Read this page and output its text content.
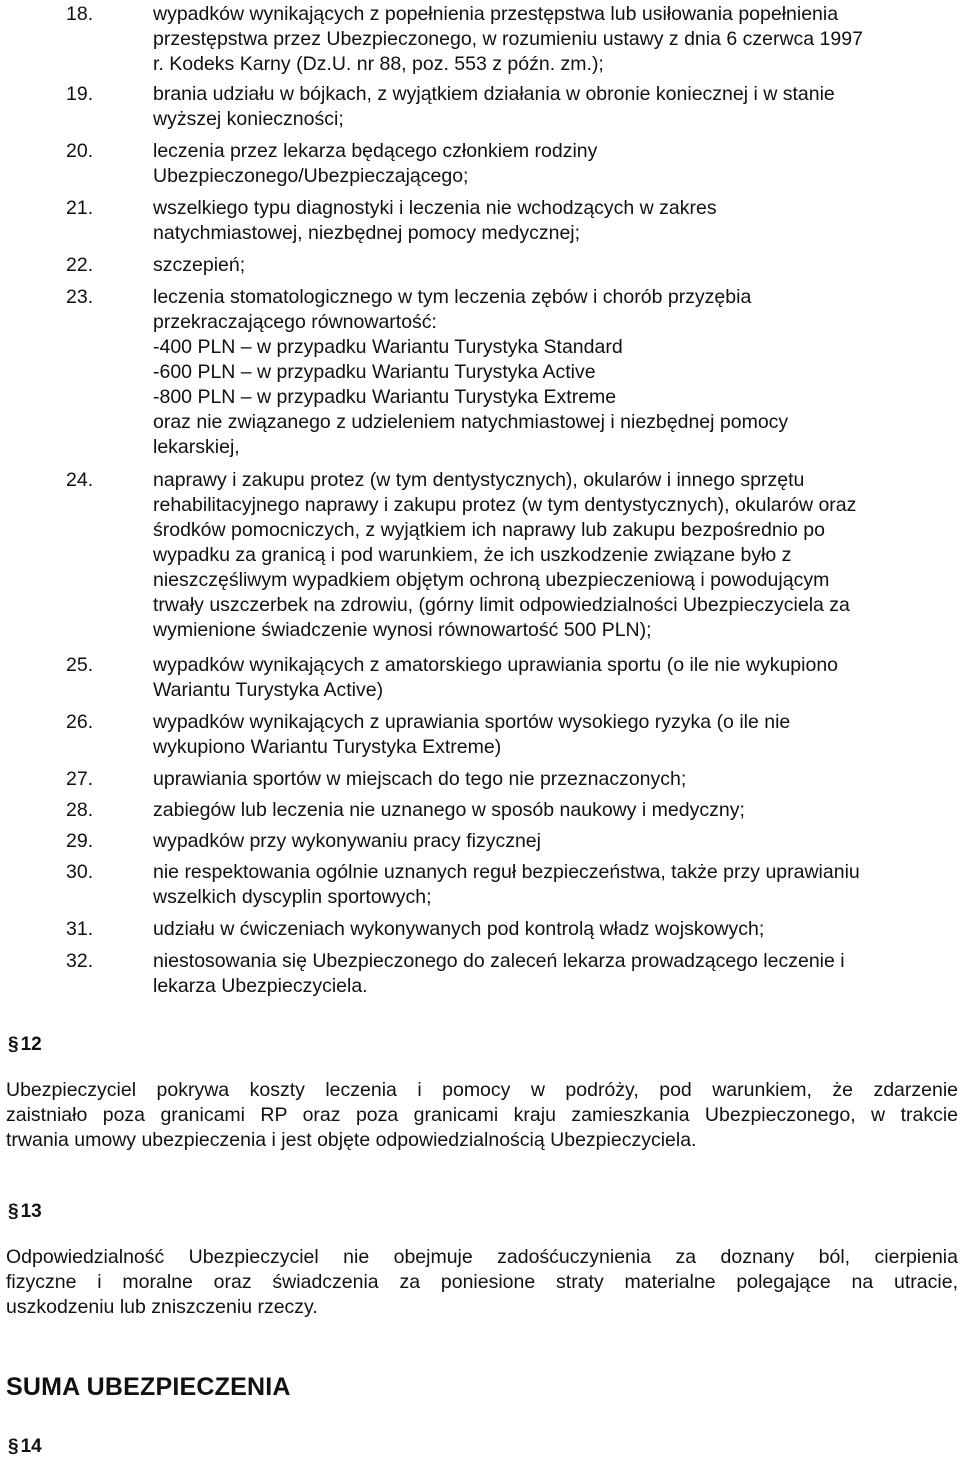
18.	wypadków wynikających z popełnienia przestępstwa lub usiłowania popełnienia
przestępstwa przez Ubezpieczonego, w rozumieniu ustawy z dnia 6 czerwca 1997
r. Kodeks Karny (Dz.U. nr 88, poz. 553 z późn. zm.);
19.	brania udziału w bójkach, z wyjątkiem działania w obronie koniecznej i w stanie
wyższej konieczności;
20.	leczenia przez lekarza będącego członkiem rodziny
Ubezpieczonego/Ubezpieczającego;
21.	wszelkiego typu diagnostyki i leczenia nie wchodzących w zakres
natychmiastowej, niezbędnej pomocy medycznej;
22.	szczepień;
23.	leczenia stomatologicznego w tym leczenia zębów i chorób przyzębia
przekraczającego równowartość:
-400 PLN – w przypadku Wariantu Turystyka Standard
-600 PLN – w przypadku Wariantu Turystyka Active
-800 PLN – w przypadku Wariantu Turystyka Extreme
oraz nie związanego z udzieleniem natychmiastowej i niezbędnej pomocy
lekarskiej,
24.	naprawy i zakupu protez (w tym dentystycznych), okularów i innego sprzętu
rehabilitacyjnego naprawy i zakupu protez (w tym dentystycznych), okularów oraz
środków pomocniczych, z wyjątkiem ich naprawy lub zakupu bezpośrednio po
wypadku za granicą i pod warunkiem, że ich uszkodzenie związane było z
nieszczęśliwym wypadkiem objętym ochroną ubezpieczeniową i powodującym
trwały uszczerbek na zdrowiu, (górny limit odpowiedzialności Ubezpieczyciela za
wymienione świadczenie wynosi równowartość 500 PLN);
25.	wypadków wynikających z amatorskiego uprawiania sportu (o ile nie wykupiono
Wariantu Turystyka Active)
26.	wypadków wynikających z uprawiania sportów wysokiego ryzyka (o ile nie
wykupiono Wariantu Turystyka Extreme)
27.	uprawiania sportów w miejscach do tego nie przeznaczonych;
28.	zabiegów lub leczenia nie uznanego w sposób naukowy i medyczny;
29.	wypadków przy wykonywaniu pracy fizycznej
30.	nie respektowania ogólnie uznanych reguł bezpieczeństwa, także przy uprawianiu
wszelkich dyscyplin sportowych;
31.	udziału w ćwiczeniach wykonywanych pod kontrolą władz wojskowych;
32.	niestosowania się Ubezpieczonego do zaleceń lekarza prowadzącego leczenie i
lekarza Ubezpieczyciela.
§ 12
Ubezpieczyciel pokrywa koszty leczenia i pomocy w podróży, pod warunkiem, że zdarzenie
zaistniało poza granicami RP oraz poza granicami kraju zamieszkania Ubezpieczonego, w trakcie
trwania umowy ubezpieczenia i jest objęte odpowiedzialnością Ubezpieczyciela.
§ 13
Odpowiedzialność Ubezpieczyciel nie obejmuje zadośćuczynienia za doznany ból, cierpienia
fizyczne i moralne oraz świadczenia za poniesione straty materialne polegające na utracie,
uszkodzeniu lub zniszczeniu rzeczy.
SUMA UBEZPIECZENIA
§ 14
